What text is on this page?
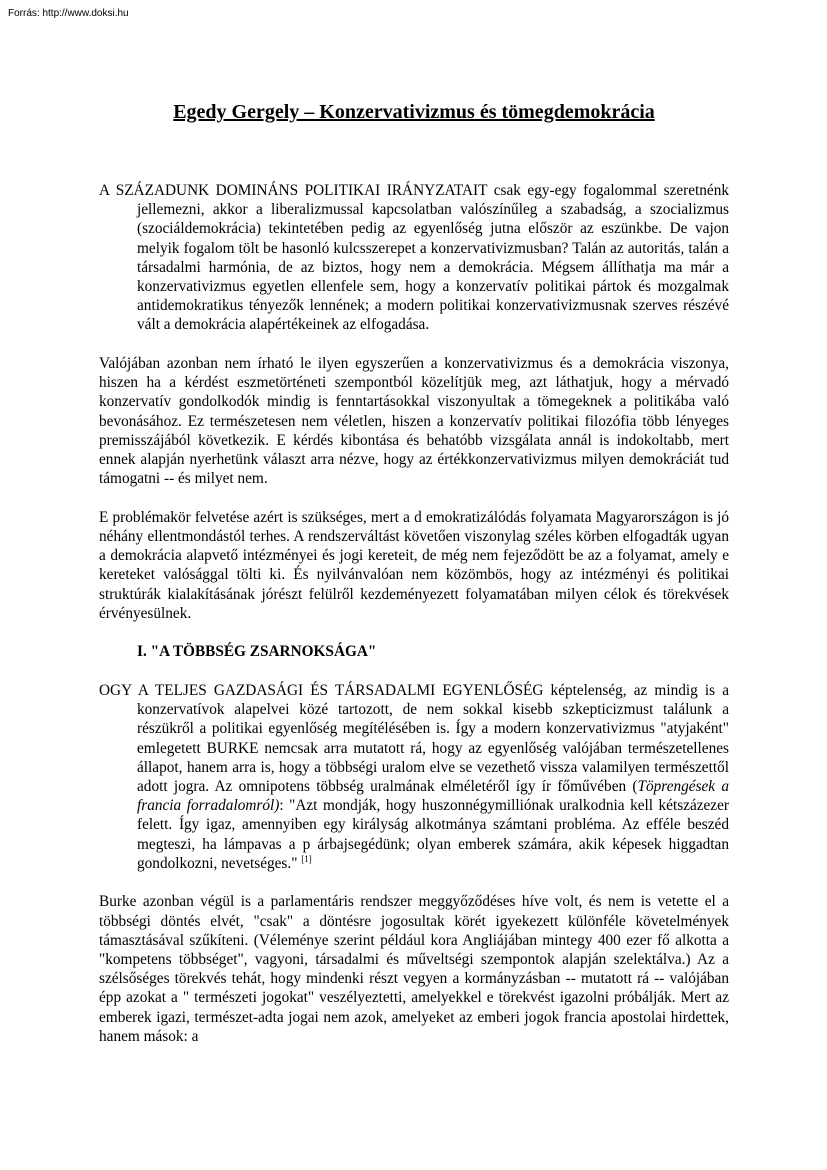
Forrás: http://www.doksi.hu
Egedy Gergely – Konzervativizmus és tömegdemokrácia

A SZÁZADUNK DOMINÁNS POLITIKAI IRÁNYZATAIT csak egy-egy fogalommal szeretnénk jellemezni, akkor a liberalizmussal kapcsolatban valószínűleg a szabadság, a szocializmus (szociáldemokrácia) tekintetében pedig az egyenlőség jutna először az eszünkbe. De vajon melyik fogalom tölt be hasonló kulcsszerepet a konzervativizmusban? Talán az autoritás, talán a társadalmi harmónia, de az biztos, hogy nem a demokrácia. Mégsem állíthatja ma már a konzervativizmus egyetlen ellenfele sem, hogy a konzervatív politikai pártok és mozgalmak antidemokratikus tényezők lennének; a modern politikai konzervativizmusnak szerves részévé vált a demokrácia alapértékeinek az elfogadása.

Valójában azonban nem írható le ilyen egyszerűen a konzervativizmus és a demokrácia viszonya, hiszen ha a kérdést eszmetörténeti szempontból közelítjük meg, azt láthatjuk, hogy a mérvadó konzervatív gondolkodók mindig is fenntartásokkal viszonyultak a tömegeknek a politikába való bevonásához. Ez természetesen nem véletlen, hiszen a konzervatív politikai filozófia több lényeges premisszájából következik. E kérdés kibontása és behatóbb vizsgálata annál is indokoltabb, mert ennek alapján nyerhetünk választ arra nézve, hogy az értékkonzervativizmus milyen demokráciát tud támogatni -- és milyet nem.

E problémakör felvetése azért is szükséges, mert a d emokratizálódás folyamata Magyarországon is jó néhány ellentmondástól terhes. A rendszerváltást követően viszonylag széles körben elfogadták ugyan a demokrácia alapvető intézményei és jogi kereteit, de még nem fejeződött be az a folyamat, amely e kereteket valósággal tölti ki. És nyilvánvalóan nem közömbös, hogy az intézményi és politikai struktúrák kialakításának jórészt felülről kezdeményezett folyamatában milyen célok és törekvések érvényesülnek.

I. "A TÖBBSÉG ZSARNOKSÁGA"

OGY A TELJES GAZDASÁGI ÉS TÁRSADALMI EGYENLŐSÉG képtelenség, az mindig is a konzervatívok alapelvei közé tartozott, de nem sokkal kisebb szkepticizmust találunk a részükről a politikai egyenlőség megítélésében is. Így a modern konzervativizmus "atyjaként" emlegetett BURKE nemcsak arra mutatott rá, hogy az egyenlőség valójában természetellenes állapot, hanem arra is, hogy a többségi uralom elve se vezethető vissza valamilyen természettől adott jogra. Az omnipotens többség uralmának elméletéről így ír főművében (Töprengések a francia forradalomról): "Azt mondják, hogy huszonnégymilliónak uralkodnia kell kétszázezer felett. Így igaz, amennyiben egy királyság alkotmánya számtani probléma. Az efféle beszéd megteszi, ha lámpavas a p árbajsegédünk; olyan emberek számára, akik képesek higgadtan gondolkozni, nevetséges." [1]

Burke azonban végül is a parlamentáris rendszer meggyőződéses híve volt, és nem is vetette el a többségi döntés elvét, "csak" a döntésre jogosultak körét igyekezett különféle követelmények támasztásával szűkíteni. (Véleménye szerint például kora Angliájában mintegy 400 ezer fő alkotta a "kompetens többséget", vagyoni, társadalmi és műveltségi szempontok alapján szelektálva.) Az a szélsőséges törekvés tehát, hogy mindenki részt vegyen a kormányzásban -- mutatott rá -- valójában épp azokat a " természeti jogokat" veszélyeztetti, amelyekkel e törekvést igazolni próbálják. Mert az emberek igazi, természet-adta jogai nem azok, amelyeket az emberi jogok francia apostolai hirdettek, hanem mások: a
